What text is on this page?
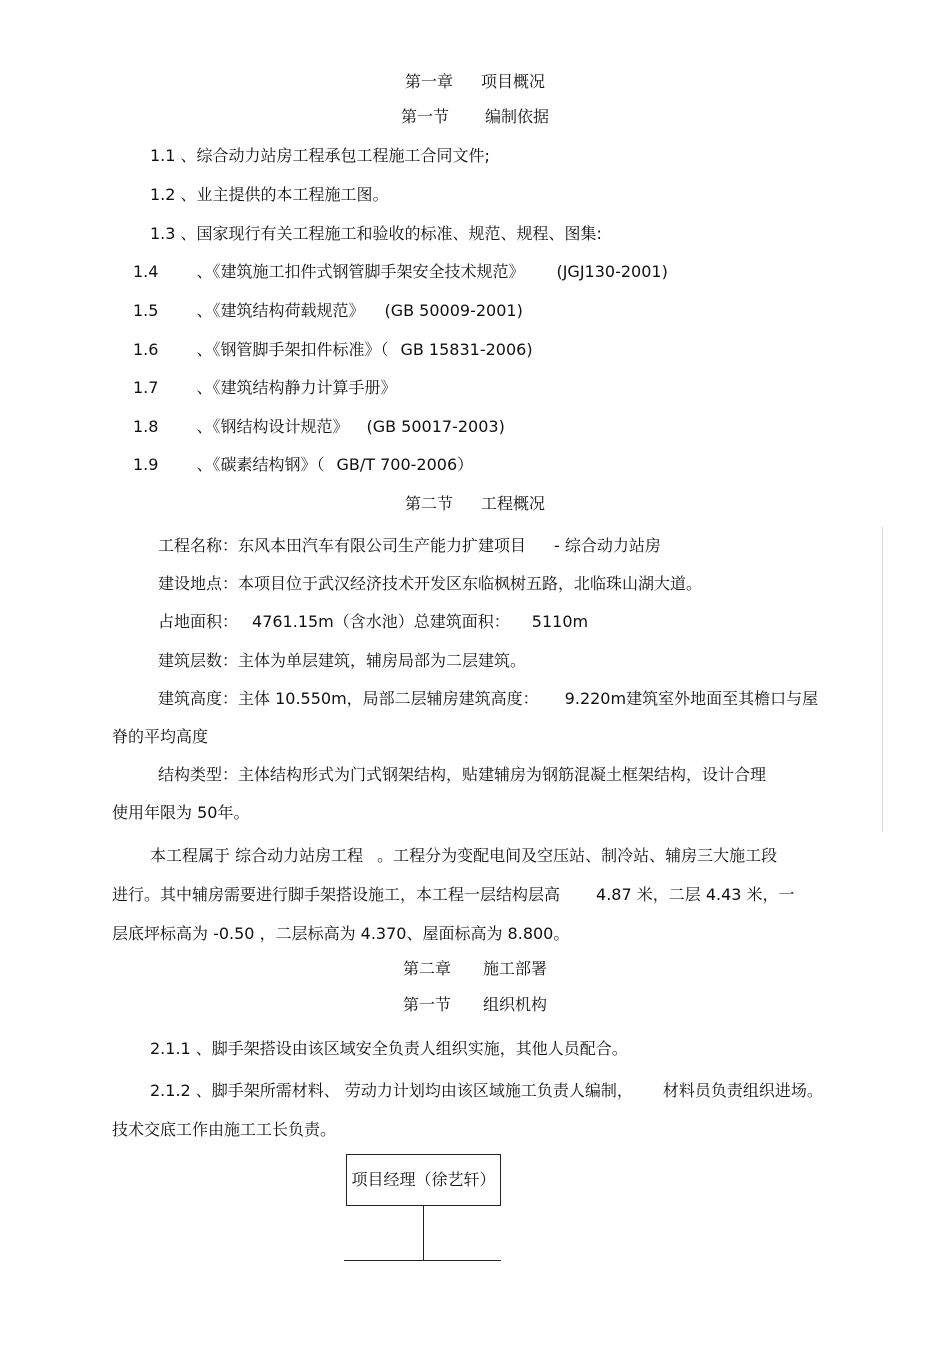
第一章 项目概况
第一节 编制依据
1.1 、综合动力站房工程承包工程施工合同文件;
1.2 、业主提供的本工程施工图。
1.3 、国家现行有关工程施工和验收的标准、规范、规程、图集:
1.4 、《建筑施工扣件式钢管脚手架安全技术规范》 (JGJ130-2001)
1.5 、《建筑结构荷载规范》 (GB 50009-2001)
1.6 、《钢管脚手架扣件标准》（ GB 15831-2006)
1.7 、《建筑结构静力计算手册》
1.8 、《钢结构设计规范》 (GB 50017-2003)
1.9 、《碳素结构钢》（ GB/T 700-2006）
第二节 工程概况
工程名称：东风本田汽车有限公司生产能力扩建项目 - 综合动力站房
建设地点：本项目位于武汉经济技术开发区东临枫树五路，北临珠山湖大道。
占地面积： 4761.15m（含水池）总建筑面积： 5110m
建筑层数：主体为单层建筑，辅房局部为二层建筑。
建筑高度：主体 10.550m，局部二层辅房建筑高度： 9.220m建筑室外地面至其檐口与屋
脊的平均高度
结构类型：主体结构形式为门式钢架结构，贴建辅房为钢筋混凝土框架结构，设计合理
使用年限为 50年。
本工程属于 综合动力站房工程 。工程分为变配电间及空压站、制冷站、辅房三大施工段
进行。其中辅房需要进行脚手架搭设施工，本工程一层结构层高 4.87 米，二层 4.43 米，一
层底坪标高为 -0.50 ，二层标高为 4.370、屋面标高为 8.800。
第二章 施工部署
第一节 组织机构
2.1.1 、脚手架搭设由该区域安全负责人组织实施，其他人员配合。
2.1.2 、脚手架所需材料、 劳动力计划均由该区域施工负责人编制， 材料员负责组织进场。
技术交底工作由施工工长负责。
项目经理（徐艺轩）
